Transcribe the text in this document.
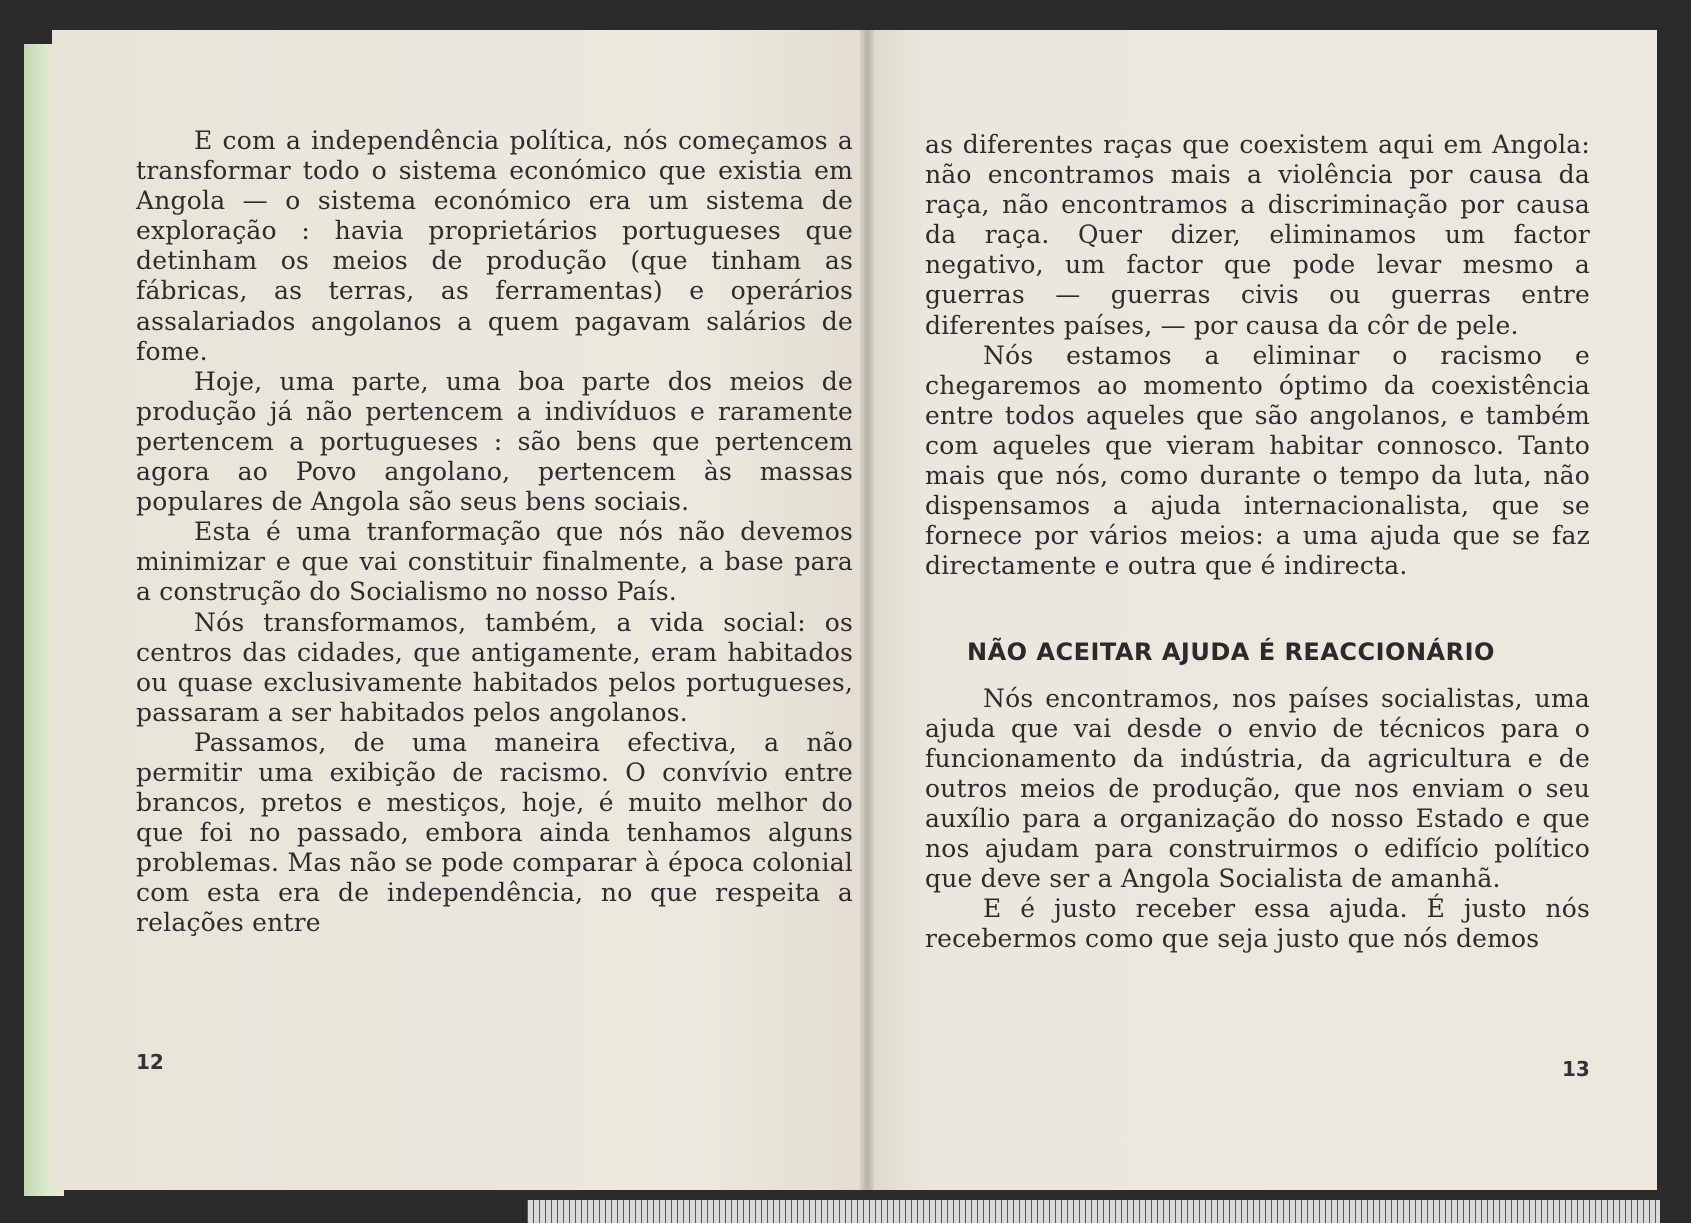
E com a independência política, nós começamos a transformar todo o sistema económico que existia em Angola — o sistema económico era um sistema de exploração : havia proprietários portugueses que detinham os meios de produção (que tinham as fábricas, as terras, as ferramentas) e operários assalariados angolanos a quem pagavam salários de fome.

Hoje, uma parte, uma boa parte dos meios de produção já não pertencem a indivíduos e raramente pertencem a portugueses : são bens que pertencem agora ao Povo angolano, pertencem às massas populares de Angola são seus bens sociais.

Esta é uma tranformação que nós não devemos minimizar e que vai constituir finalmente, a base para a construção do Socialismo no nosso País.

Nós transformamos, também, a vida social: os centros das cidades, que antigamente, eram habitados ou quase exclusivamente habitados pelos portugueses, passaram a ser habitados pelos angolanos.

Passamos, de uma maneira efectiva, a não permitir uma exibição de racismo. O convívio entre brancos, pretos e mestiços, hoje, é muito melhor do que foi no passado, embora ainda tenhamos alguns problemas. Mas não se pode comparar à época colonial com esta era de independência, no que respeita a relações entre

12

as diferentes raças que coexistem aqui em Angola: não encontramos mais a violência por causa da raça, não encontramos a discriminação por causa da raça. Quer dizer, eliminamos um factor negativo, um factor que pode levar mesmo a guerras — guerras civis ou guerras entre diferentes países, — por causa da côr de pele.

Nós estamos a eliminar o racismo e chegaremos ao momento óptimo da coexistência entre todos aqueles que são angolanos, e também com aqueles que vieram habitar connosco. Tanto mais que nós, como durante o tempo da luta, não dispensamos a ajuda internacionalista, que se fornece por vários meios: a uma ajuda que se faz directamente e outra que é indirecta.

NÃO ACEITAR AJUDA É REACCIONÁRIO

Nós encontramos, nos países socialistas, uma ajuda que vai desde o envio de técnicos para o funcionamento da indústria, da agricultura e de outros meios de produção, que nos enviam o seu auxílio para a organização do nosso Estado e que nos ajudam para construirmos o edifício político que deve ser a Angola Socialista de amanhã.

E é justo receber essa ajuda. É justo nós recebermos como que seja justo que nós demos

13
